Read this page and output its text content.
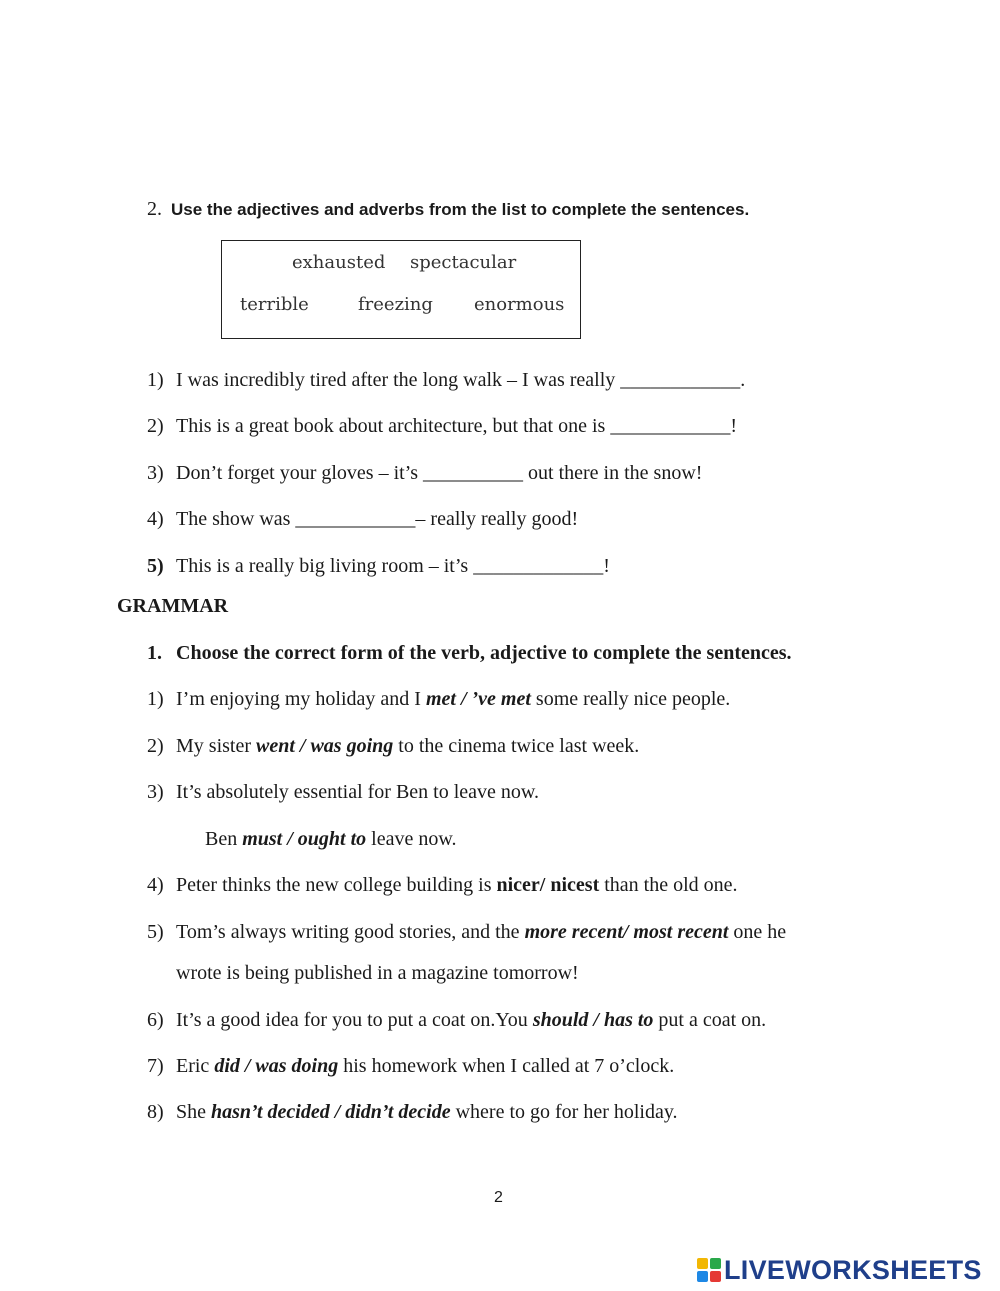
2. Use the adjectives and adverbs from the list to complete the sentences.
exhausted spectacular
terrible	freezing enormous
1) I was incredibly tired after the long walk – I was really ____________.
2) This is a great book about architecture, but that one is ____________!
3) Don’t forget your gloves – it’s __________ out there in the snow!
4) The show was ____________– really really good!
5) This is a really big living room – it’s _____________!
GRAMMAR
1. Choose the correct form of the verb, adjective to complete the sentences.
1) I’m enjoying my holiday and I met / ’ve met some really nice people.
2) My sister went / was going to the cinema twice last week.
3) It’s absolutely essential for Ben to leave now.
Ben must / ought to leave now.
4) Peter thinks the new college building is nicer/ nicest than the old one.
5) Tom’s always writing good stories, and the more recent/ most recent one he
wrote is being published in a magazine tomorrow!
6) It’s a good idea for you to put a coat on.You should / has to put a coat on.
7) Eric did / was doing his homework when I called at 7 o’clock.
8) She hasn’t decided / didn’t decide where to go for her holiday.
2
LIVEWORKSHEETS
